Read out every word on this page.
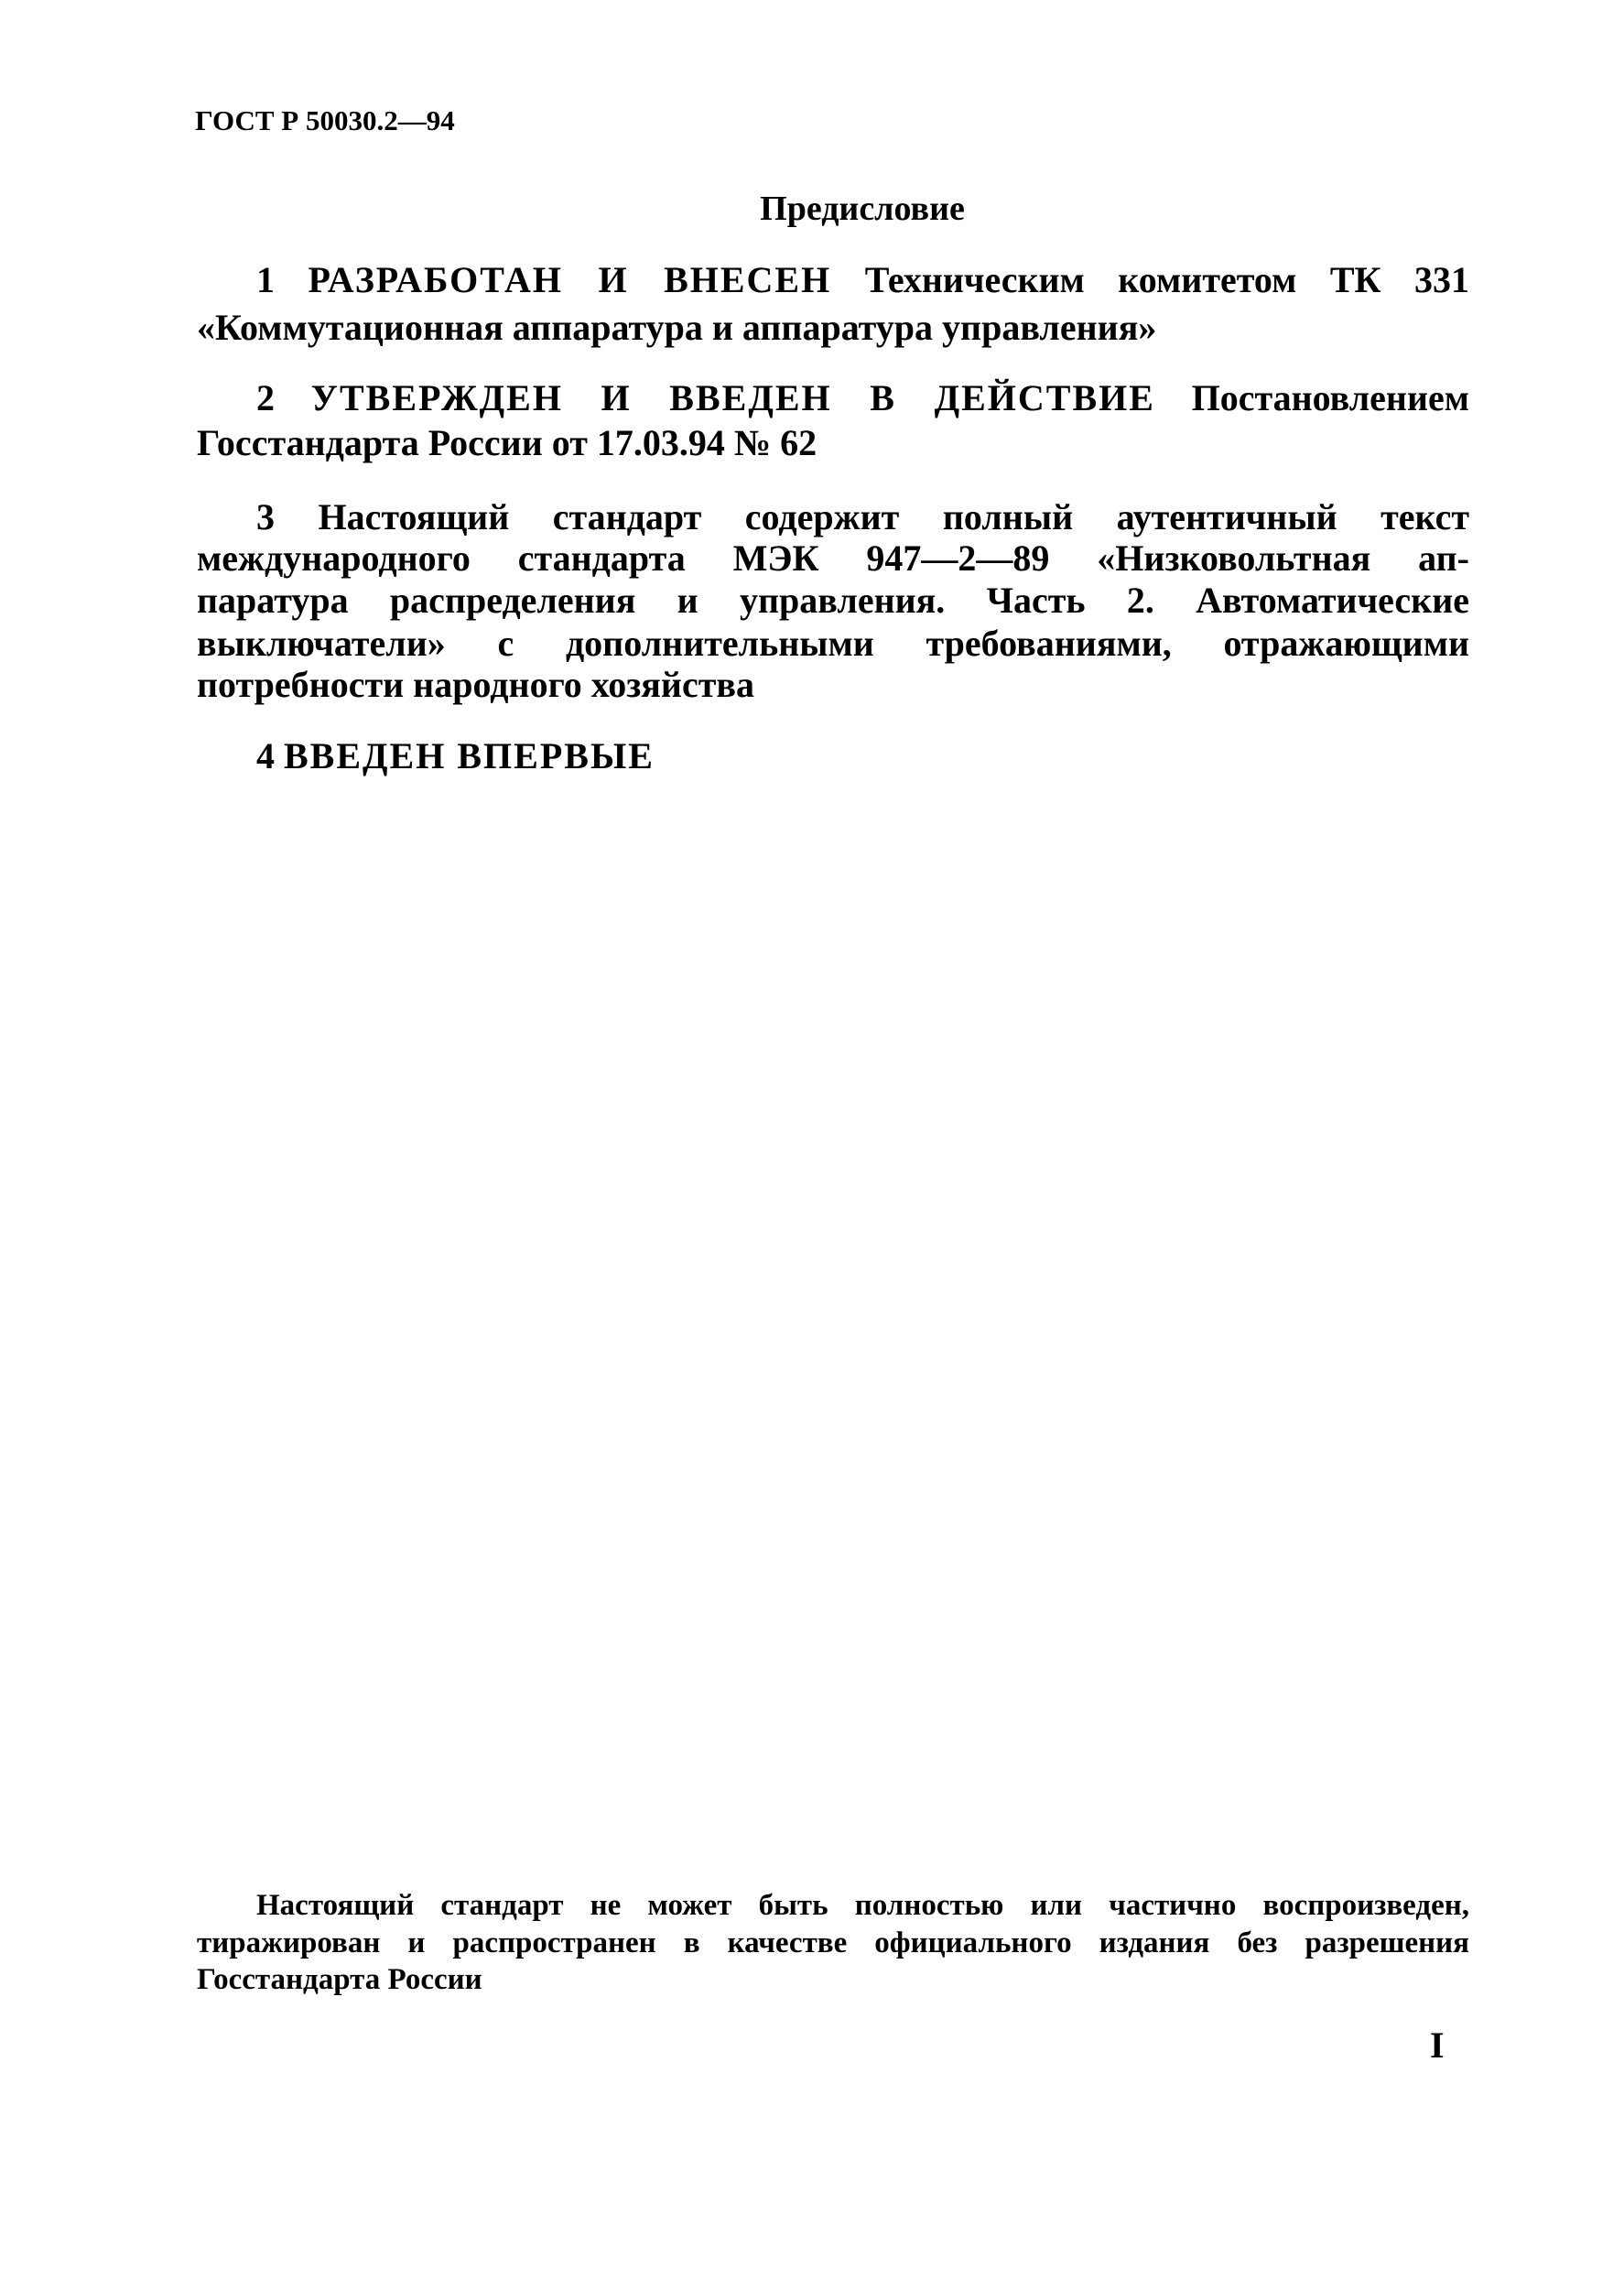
ГОСТ Р 50030.2—94
Предисловие
1 РАЗРАБОТАН И ВНЕСЕН Техническим комитетом ТК 331
«Коммутационная аппаратура и аппаратура управления»
2 УТВЕРЖДЕН И ВВЕДЕН В ДЕЙСТВИЕ Постановлением
Госстандарта России от 17.03.94 № 62
3 Настоящий стандарт содержит полный аутентичный текст
международного стандарта МЭК 947—2—89 «Низковольтная ап-
паратура распределения и управления. Часть 2. Автоматические
выключатели» с дополнительными требованиями, отражающими
потребности народного хозяйства
4 ВВЕДЕН ВПЕРВЫЕ
Настоящий стандарт не может быть полностью или частично воспроизведен,
тиражирован и распространен в качестве официального издания без разрешения
Госстандарта России
I
